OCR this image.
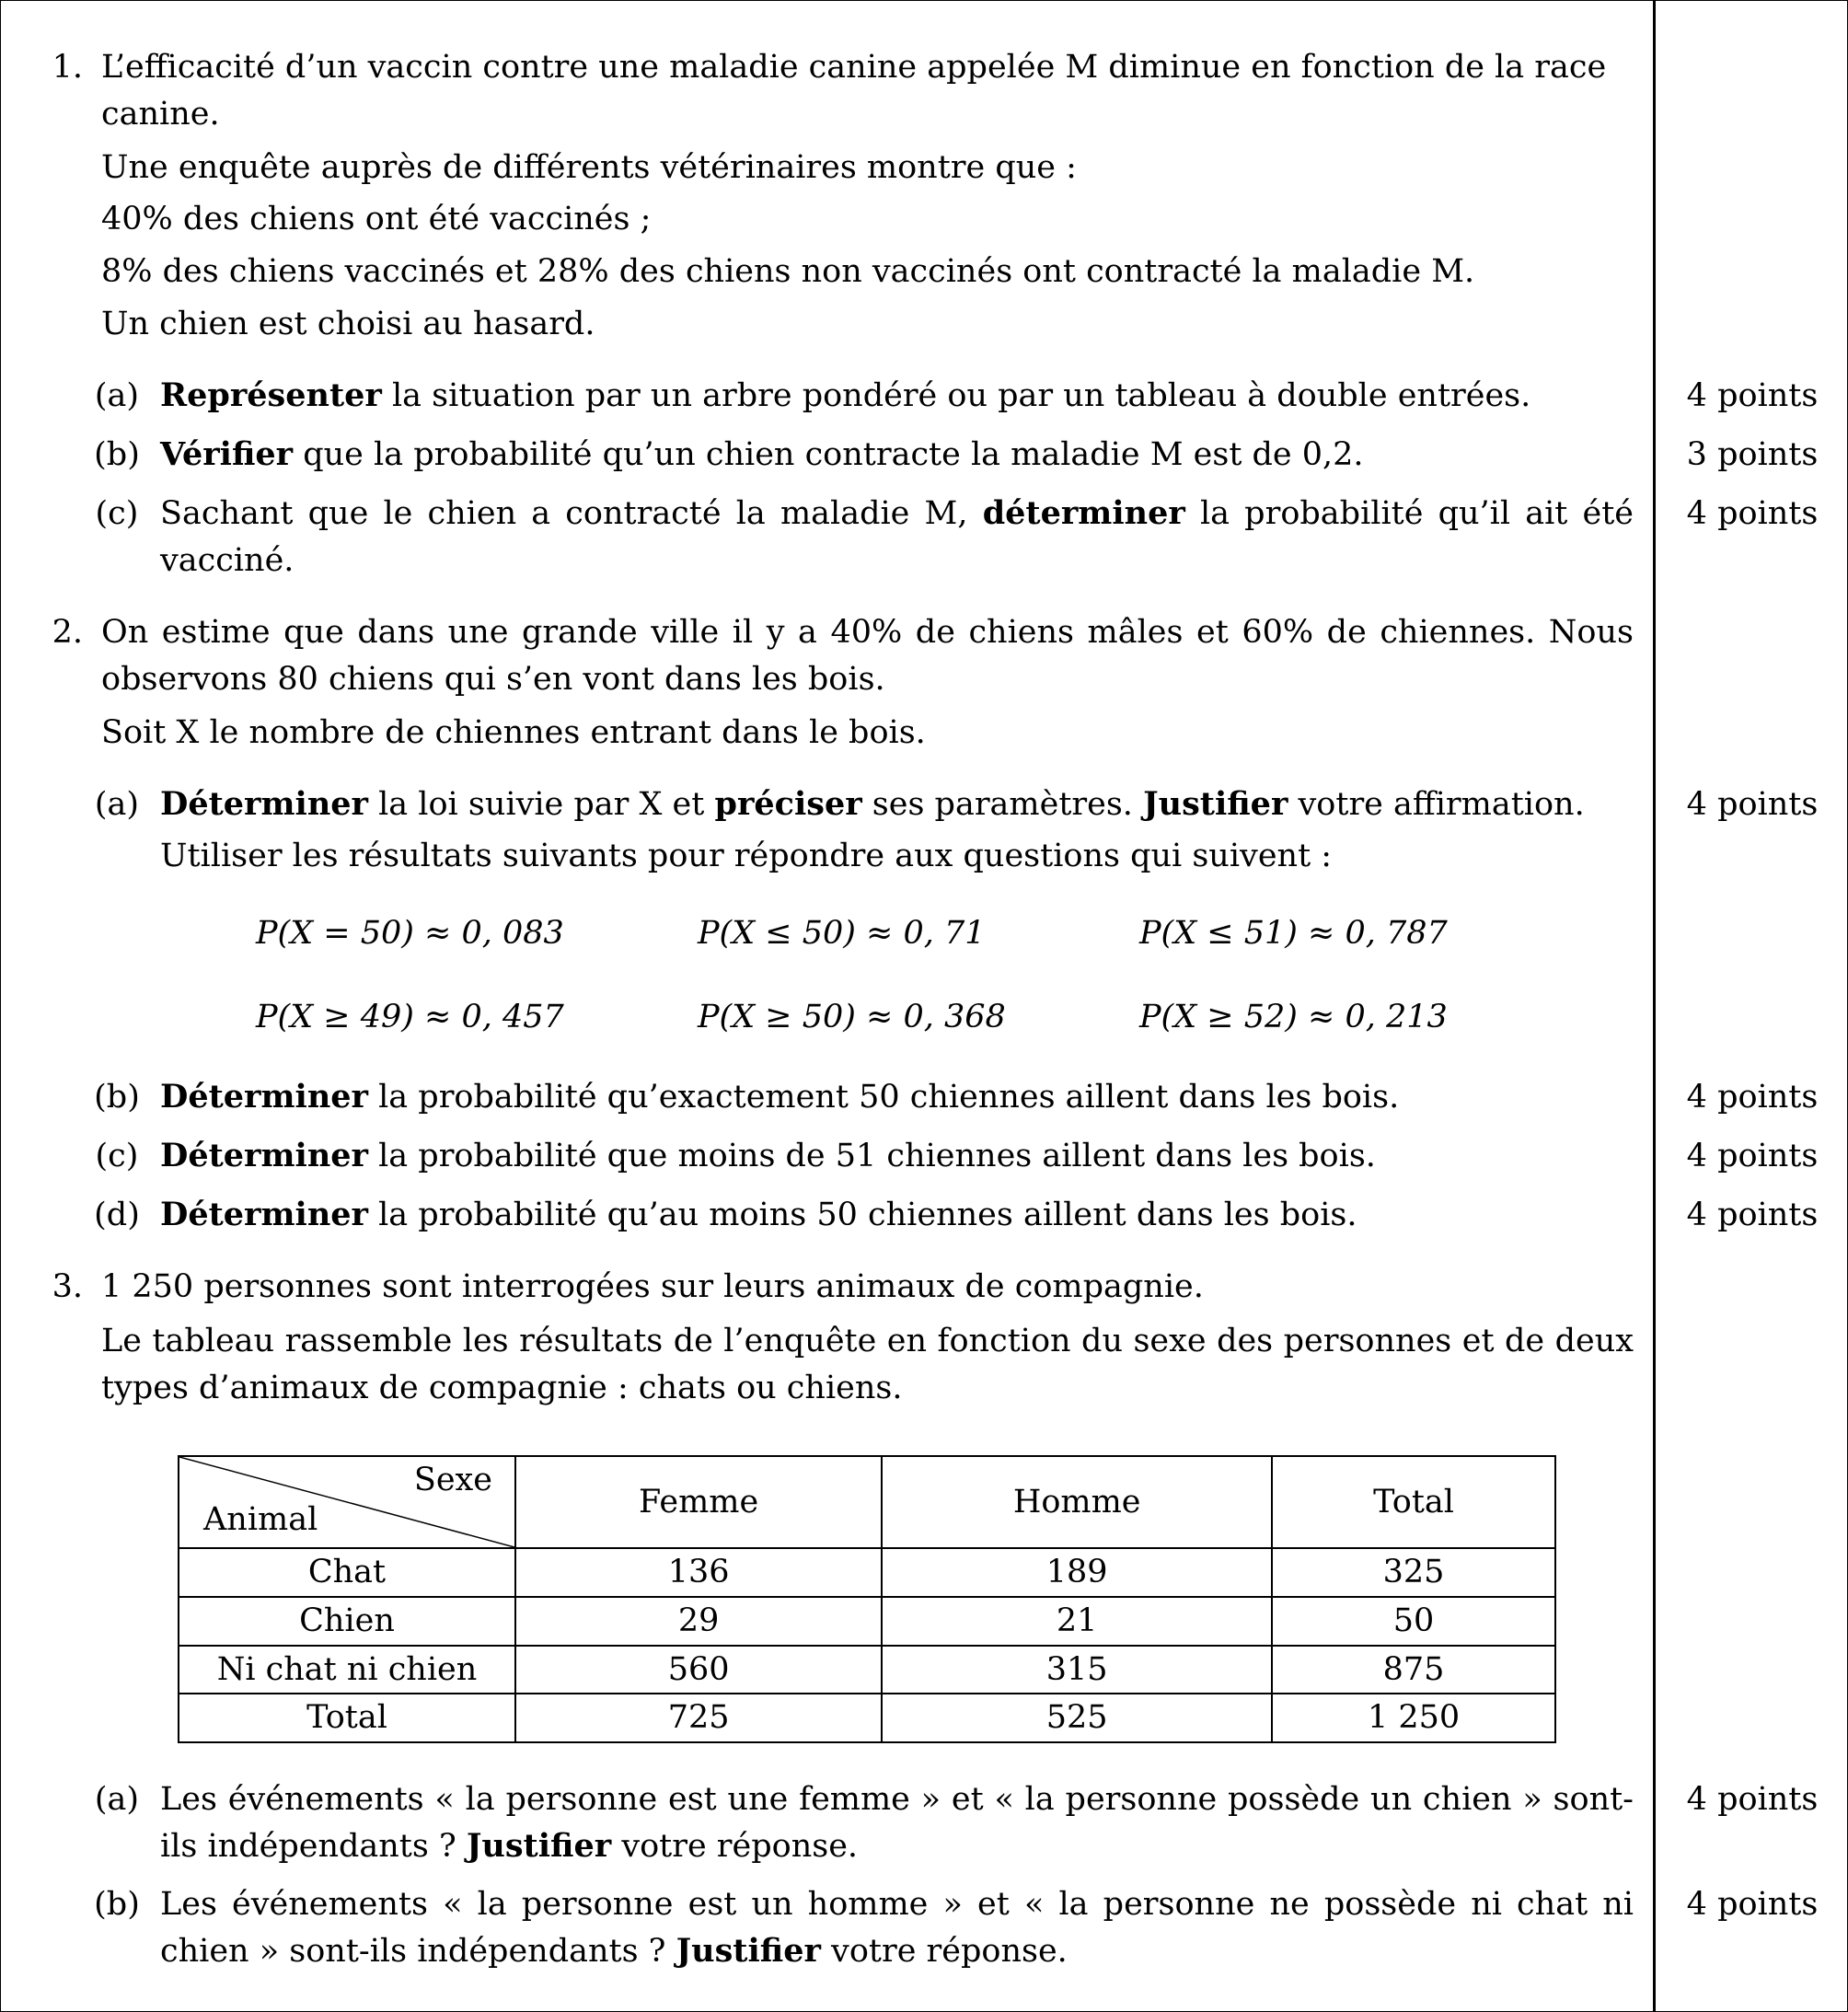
1. L’efficacité d’un vaccin contre une maladie canine appelée M diminue en fonction de la race canine.
Une enquête auprès de différents vétérinaires montre que :
40% des chiens ont été vaccinés ;
8% des chiens vaccinés et 28% des chiens non vaccinés ont contracté la maladie M.
Un chien est choisi au hasard.
(a) Représenter la situation par un arbre pondéré ou par un tableau à double entrées.	4 points
(b) Vérifier que la probabilité qu’un chien contracte la maladie M est de 0,2.	3 points
(c) Sachant que le chien a contracté la maladie M, déterminer la probabilité qu’il ait été vacciné.
4 points
2. On estime que dans une grande ville il y a 40% de chiens mâles et 60% de chiennes. Nous observons 80 chiens qui s’en vont dans les bois.
Soit X le nombre de chiennes entrant dans le bois.
(a) Déterminer la loi suivie par X et préciser ses paramètres. Justifier votre affirmation.	4 points
Utiliser les résultats suivants pour répondre aux questions qui suivent :
P(X = 50) ≈ 0, 083	P(X ≤ 50) ≈ 0, 71	P(X ≤ 51) ≈ 0, 787
P(X ≥ 49) ≈ 0, 457	P(X ≥ 50) ≈ 0, 368	P(X ≥ 52) ≈ 0, 213
(b) Déterminer la probabilité qu’exactement 50 chiennes aillent dans les bois.	4 points
(c) Déterminer la probabilité que moins de 51 chiennes aillent dans les bois.	4 points
(d) Déterminer la probabilité qu’au moins 50 chiennes aillent dans les bois.	4 points
3. 1 250 personnes sont interrogées sur leurs animaux de compagnie.
Le tableau rassemble les résultats de l’enquête en fonction du sexe des personnes et de deux types d’animaux de compagnie : chats ou chiens.
Sexe
Animal	Femme	Homme	Total
Chat	136	189	325
Chien	29	21	50
Ni chat ni chien	560	315	875
Total	725	525	1 250
(a) Les événements « la personne est une femme » et « la personne possède un chien » sont-ils indépendants ? Justifier votre réponse.
4 points
(b) Les événements « la personne est un homme » et « la personne ne possède ni chat ni chien » sont-ils indépendants ? Justifier votre réponse.
4 points
